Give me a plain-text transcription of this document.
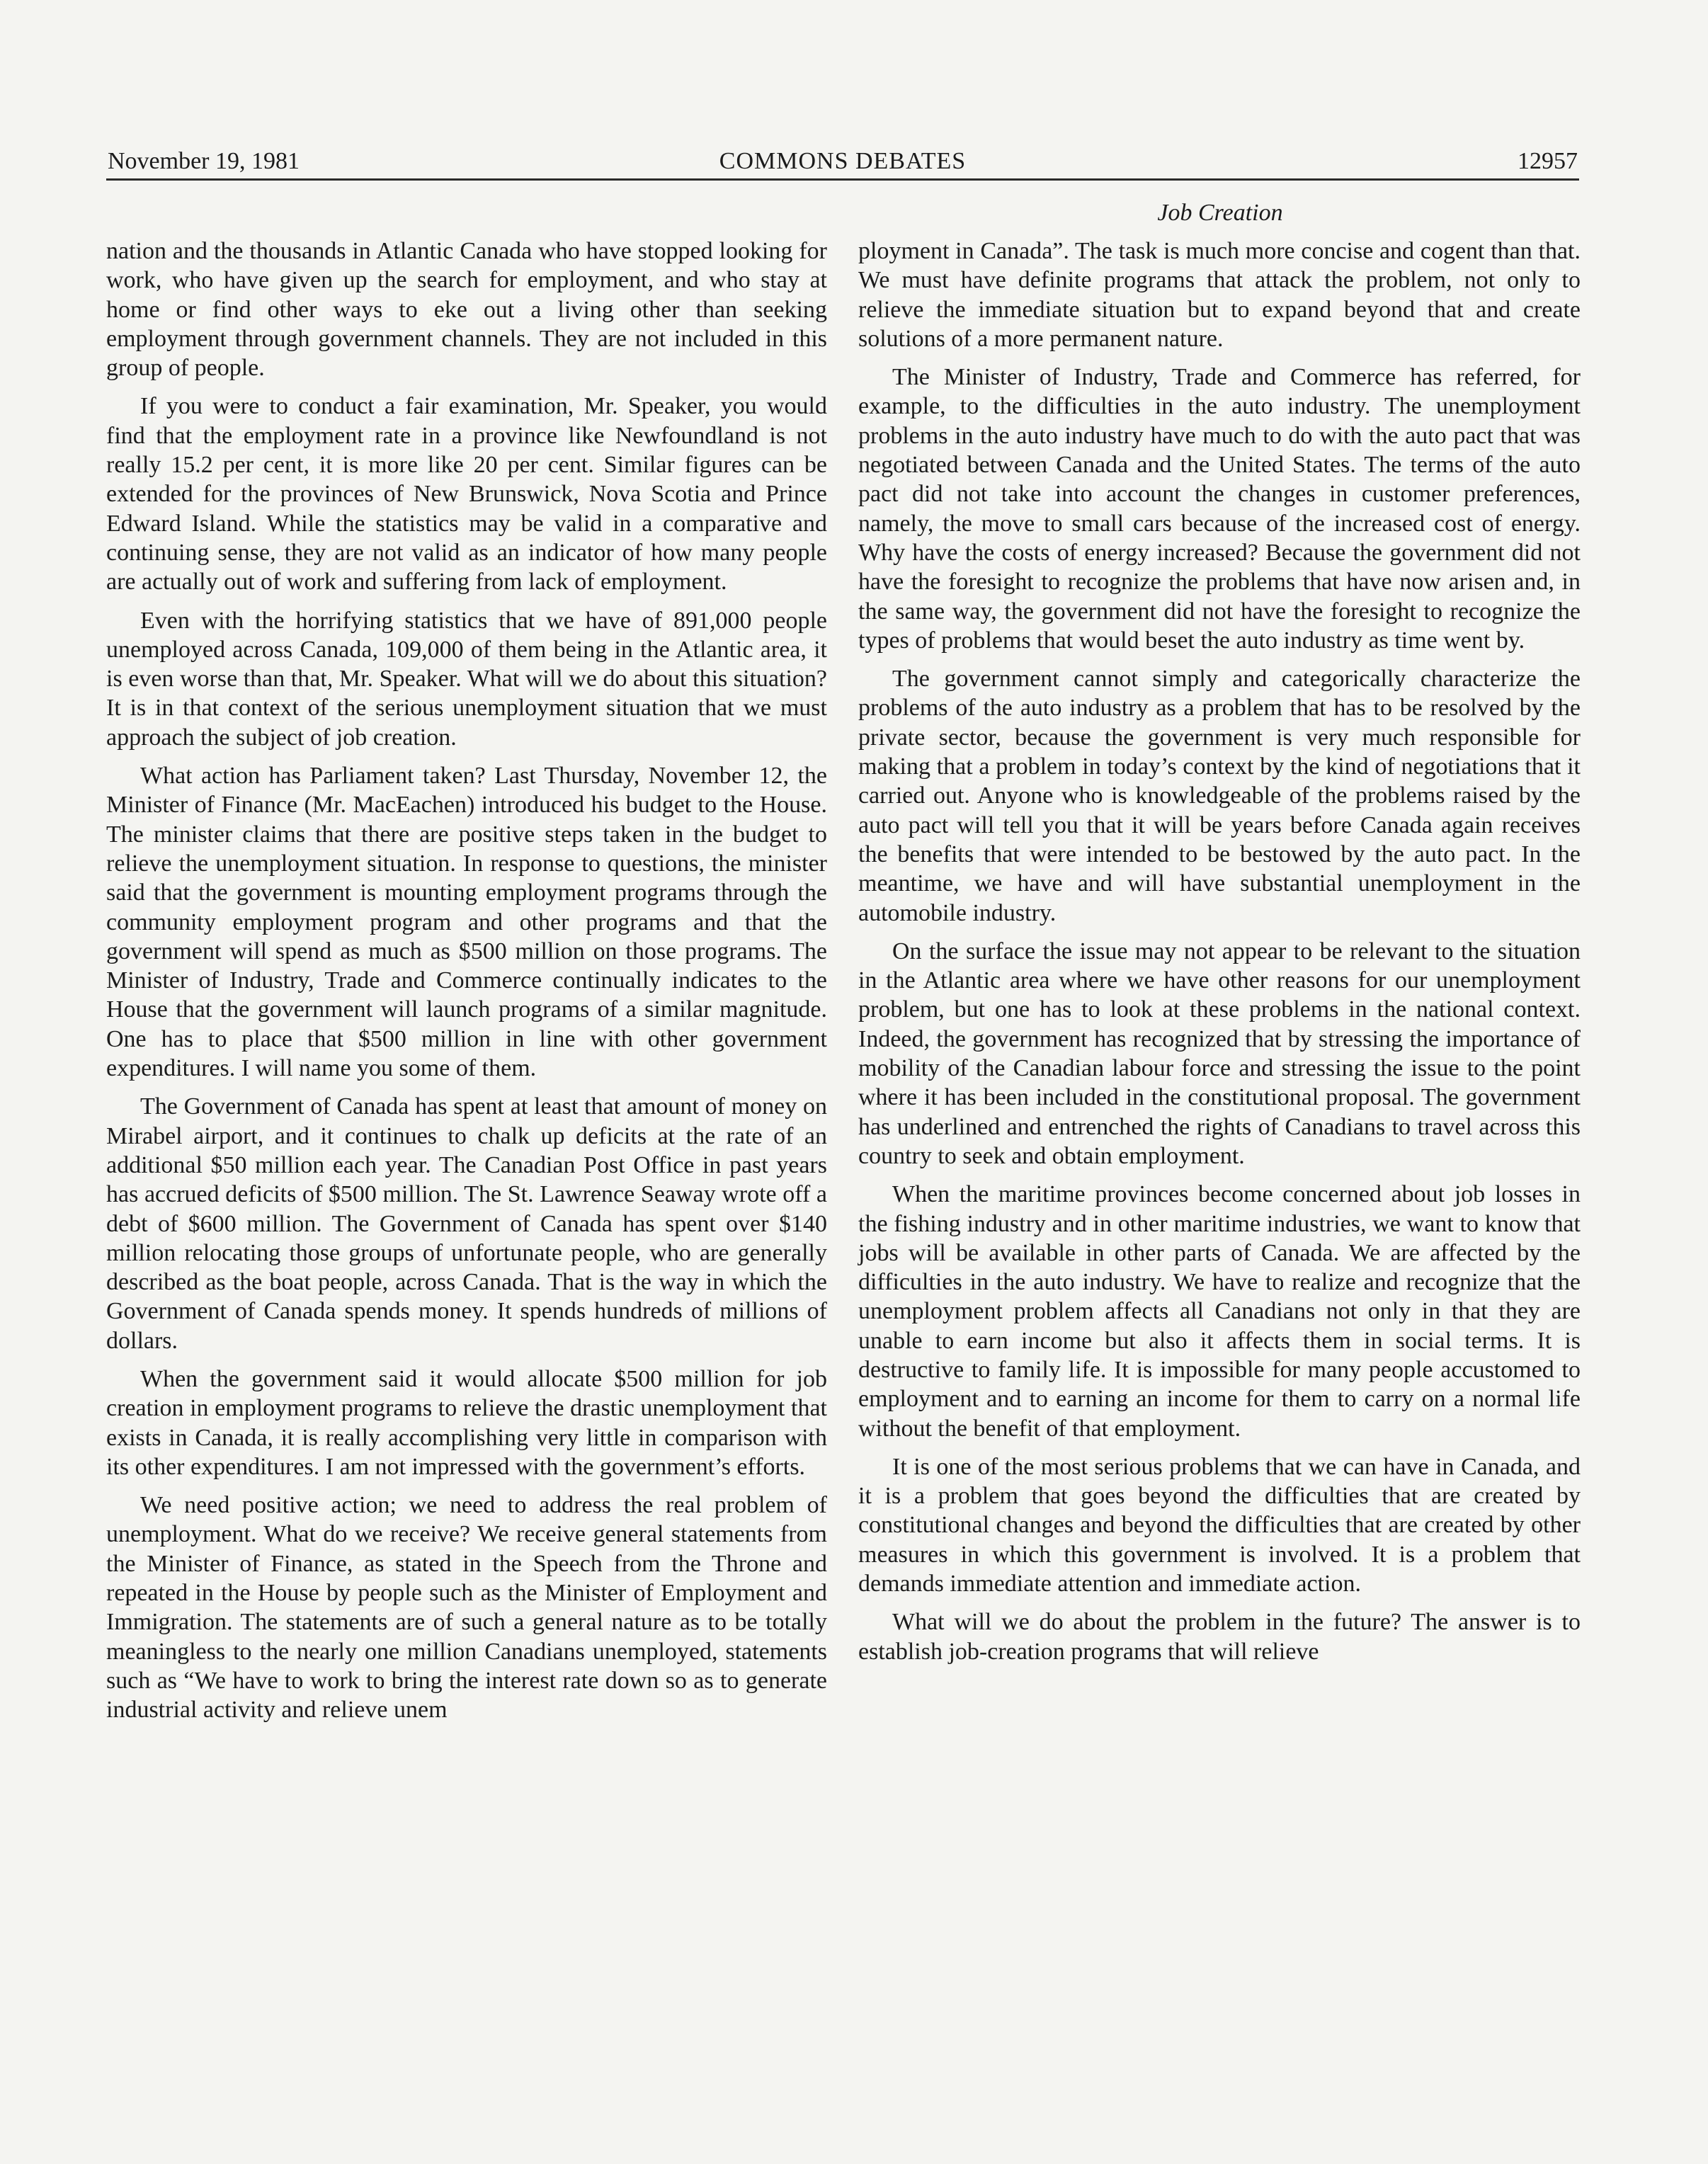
November 19, 1981	COMMONS DEBATES	12957
Job Creation

nation and the thousands in Atlantic Canada who have stopped looking for work, who have given up the search for employment, and who stay at home or find other ways to eke out a living other than seeking employment through government channels. They are not included in this group of people.

If you were to conduct a fair examination, Mr. Speaker, you would find that the employment rate in a province like Newfoundland is not really 15.2 per cent, it is more like 20 per cent. Similar figures can be extended for the provinces of New Brunswick, Nova Scotia and Prince Edward Island. While the statistics may be valid in a comparative and continuing sense, they are not valid as an indicator of how many people are actually out of work and suffering from lack of employment.

Even with the horrifying statistics that we have of 891,000 people unemployed across Canada, 109,000 of them being in the Atlantic area, it is even worse than that, Mr. Speaker. What will we do about this situation? It is in that context of the serious unemployment situation that we must approach the subject of job creation.

What action has Parliament taken? Last Thursday, November 12, the Minister of Finance (Mr. MacEachen) introduced his budget to the House. The minister claims that there are positive steps taken in the budget to relieve the unemployment situation. In response to questions, the minister said that the government is mounting employment programs through the community employment program and other programs and that the government will spend as much as $500 million on those programs. The Minister of Industry, Trade and Commerce continually indicates to the House that the government will launch programs of a similar magnitude. One has to place that $500 million in line with other government expenditures. I will name you some of them.

The Government of Canada has spent at least that amount of money on Mirabel airport, and it continues to chalk up deficits at the rate of an additional $50 million each year. The Canadian Post Office in past years has accrued deficits of $500 million. The St. Lawrence Seaway wrote off a debt of $600 million. The Government of Canada has spent over $140 million relocating those groups of unfortunate people, who are generally described as the boat people, across Canada. That is the way in which the Government of Canada spends money. It spends hundreds of millions of dollars.

When the government said it would allocate $500 million for job creation in employment programs to relieve the drastic unemployment that exists in Canada, it is really accomplishing very little in comparison with its other expenditures. I am not impressed with the government’s efforts.

We need positive action; we need to address the real problem of unemployment. What do we receive? We receive general statements from the Minister of Finance, as stated in the Speech from the Throne and repeated in the House by people such as the Minister of Employment and Immigration. The statements are of such a general nature as to be totally meaningless to the nearly one million Canadians unemployed, statements such as “We have to work to bring the interest rate down so as to generate industrial activity and relieve unem

ployment in Canada”. The task is much more concise and cogent than that. We must have definite programs that attack the problem, not only to relieve the immediate situation but to expand beyond that and create solutions of a more permanent nature.

The Minister of Industry, Trade and Commerce has referred, for example, to the difficulties in the auto industry. The unemployment problems in the auto industry have much to do with the auto pact that was negotiated between Canada and the United States. The terms of the auto pact did not take into account the changes in customer preferences, namely, the move to small cars because of the increased cost of energy. Why have the costs of energy increased? Because the government did not have the foresight to recognize the problems that have now arisen and, in the same way, the government did not have the foresight to recognize the types of problems that would beset the auto industry as time went by.

The government cannot simply and categorically characterize the problems of the auto industry as a problem that has to be resolved by the private sector, because the government is very much responsible for making that a problem in today’s context by the kind of negotiations that it carried out. Anyone who is knowledgeable of the problems raised by the auto pact will tell you that it will be years before Canada again receives the benefits that were intended to be bestowed by the auto pact. In the meantime, we have and will have substantial unemployment in the automobile industry.

On the surface the issue may not appear to be relevant to the situation in the Atlantic area where we have other reasons for our unemployment problem, but one has to look at these problems in the national context. Indeed, the government has recognized that by stressing the importance of mobility of the Canadian labour force and stressing the issue to the point where it has been included in the constitutional proposal. The government has underlined and entrenched the rights of Canadians to travel across this country to seek and obtain employment.

When the maritime provinces become concerned about job losses in the fishing industry and in other maritime industries, we want to know that jobs will be available in other parts of Canada. We are affected by the difficulties in the auto industry. We have to realize and recognize that the unemployment problem affects all Canadians not only in that they are unable to earn income but also it affects them in social terms. It is destructive to family life. It is impossible for many people accustomed to employment and to earning an income for them to carry on a normal life without the benefit of that employment.

It is one of the most serious problems that we can have in Canada, and it is a problem that goes beyond the difficulties that are created by constitutional changes and beyond the difficulties that are created by other measures in which this government is involved. It is a problem that demands immediate attention and immediate action.

What will we do about the problem in the future? The answer is to establish job-creation programs that will relieve
